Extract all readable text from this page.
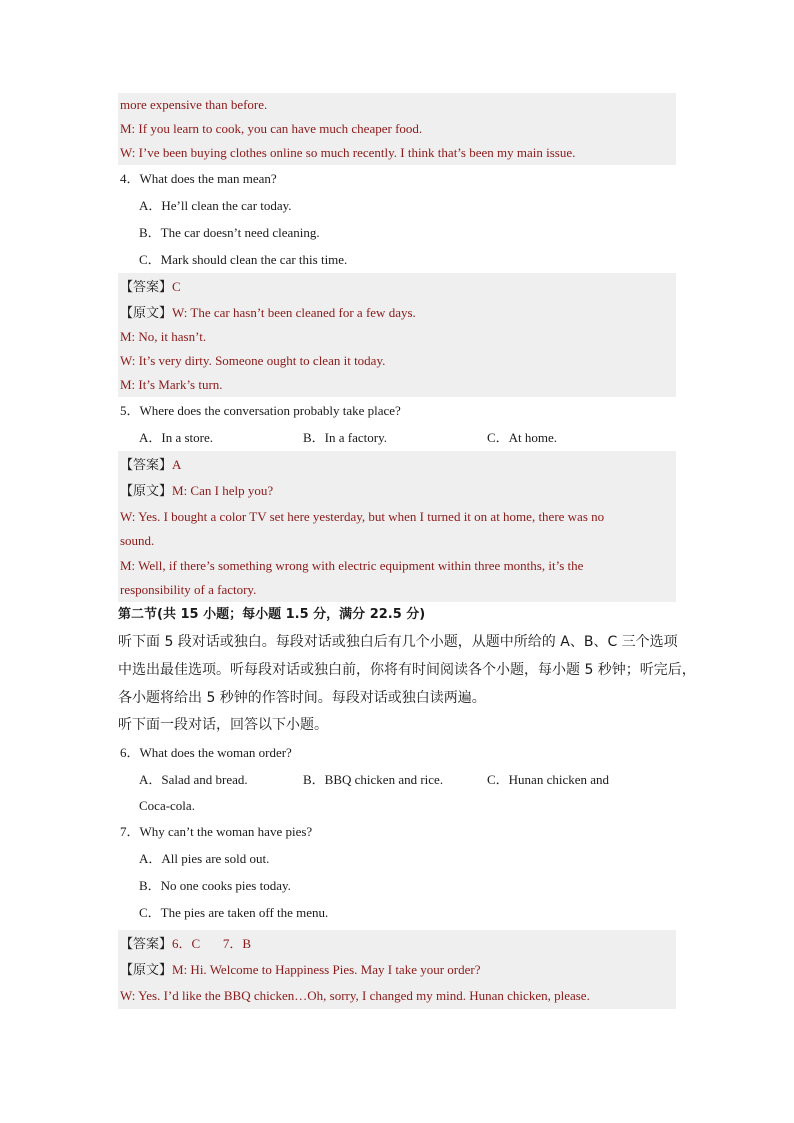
more expensive than before.
M: If you learn to cook, you can have much cheaper food.
W: I’ve been buying clothes online so much recently. I think that’s been my main issue.
4．What does the man mean?
A．He’ll clean the car today.
B．The car doesn’t need cleaning.
C．Mark should clean the car this time.
【答案】C
【原文】W: The car hasn’t been cleaned for a few days.
M: No, it hasn’t.
W: It’s very dirty. Someone ought to clean it today.
M: It’s Mark’s turn.
5．Where does the conversation probably take place?
A．In a store.	B．In a factory.	C．At home.
【答案】A
【原文】M: Can I help you?
W: Yes. I bought a color TV set here yesterday, but when I turned it on at home, there was no
sound.
M: Well, if there’s something wrong with electric equipment within three months, it’s the
responsibility of a factory.
第二节(共 15 小题；每小题 1.5 分，满分 22.5 分)
听下面 5 段对话或独白。每段对话或独白后有几个小题，从题中所给的 A、B、C 三个选项
中选出最佳选项。听每段对话或独白前，你将有时间阅读各个小题，每小题 5 秒钟；听完后，
各小题将给出 5 秒钟的作答时间。每段对话或独白读两遍。
听下面一段对话，回答以下小题。
6．What does the woman order?
A．Salad and bread.	B．BBQ chicken and rice.	C．Hunan chicken and
Coca-cola.
7．Why can’t the woman have pies?
A．All pies are sold out.
B．No one cooks pies today.
C．The pies are taken off the menu.
【答案】6．C       7．B
【原文】M: Hi. Welcome to Happiness Pies. May I take your order?
W: Yes. I’d like the BBQ chicken…Oh, sorry, I changed my mind. Hunan chicken, please.
